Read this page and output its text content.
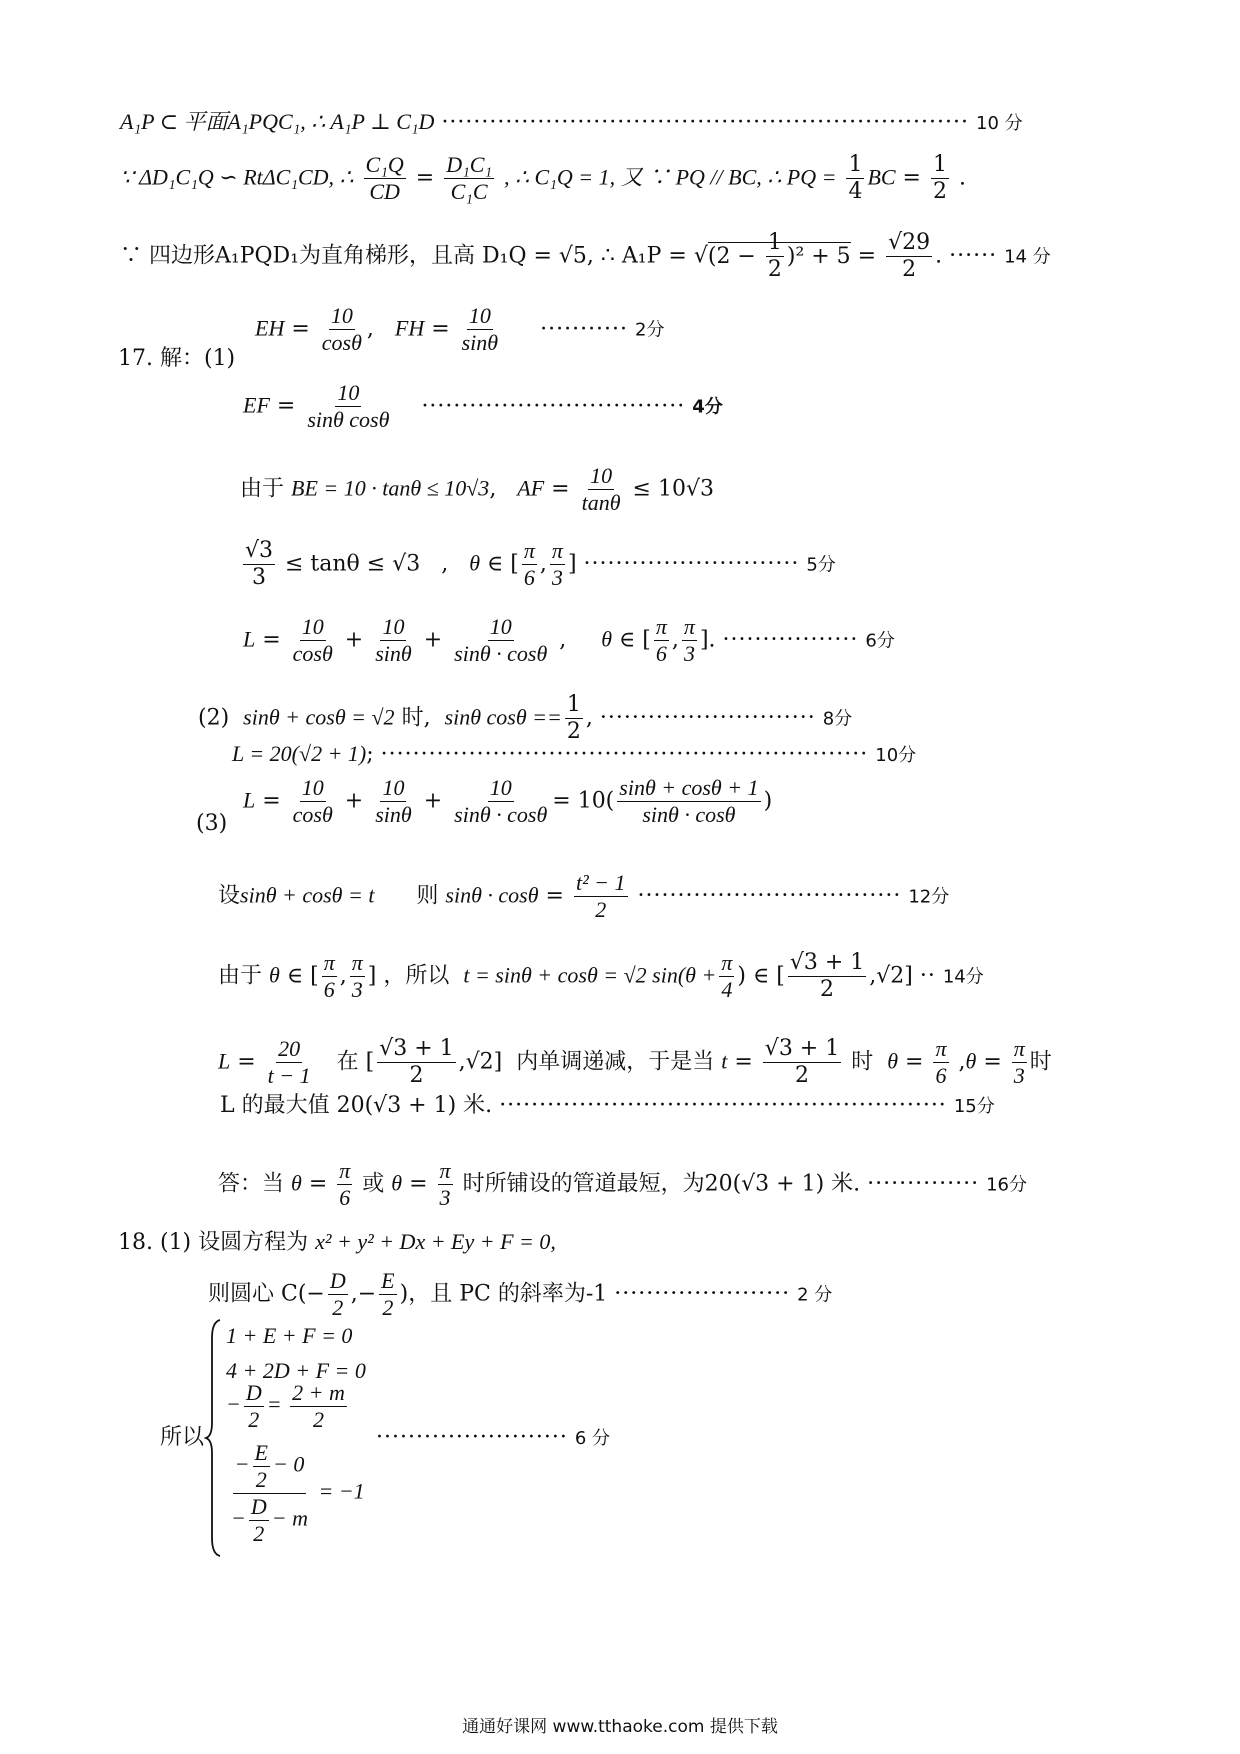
A₁P ⊂ 平面A₁PQC₁, ∴ A₁P ⊥ C₁D ·································································· 10 分
∵ ΔD₁C₁Q ∽ RtΔC₁CD, ∴ $\frac{\text{C₁Q}}{CD} = \frac{\text{D₁C₁}}{\text{C₁C}}$ , ∴ C₁Q = 1, 又 ∵ PQ // BC, ∴ PQ = $\frac{1}{4}$ BC = $\frac{1}{2}$ .
∵ 四边形A₁PQD₁为直角梯形，且高 D₁Q = √5, ∴ $A_1P = √(2 - \frac{1}{2} )^2 + 5 = \frac{√29}{2}$ . ······ 14 分
17. 解：(1)
EH = $\frac{10}{\cos\theta}$ ,   FH = $\frac{10}{\sin\theta}$ ··········· 2分
EF = $\frac{10}{\text{sinθ cosθ}}$ ································· 4分
由于 BE = 10 · tanθ ≤ 10√3,   AF = $\frac{10}{\tan\theta} \le 10√3$
$\frac{√3}{3} \le \tan\theta \le √3$   ,   θ ∈ [ $\frac{\pi}{6}$ , $\frac{\pi}{3}$ ] ··························· 5分
$L = \frac{10}{\cos\theta} + \frac{10}{\sin\theta} + \frac{10}{\sin\theta \cdot \cos\theta}$ ,     θ ∈ [ $\frac{\pi}{6}$ , $\frac{\pi}{3}$ ]. ················· 6分
(2) sinθ + cosθ = √2 时, sinθ $\cos\theta == \frac{1}{2}$ , ··························· 8分
L = 20(√2 + 1); ····························································· 10分
(3)
$L = \frac{10}{\cos\theta} + \frac{10}{\sin\theta} + \frac{10}{\sin\theta \cdot \cos\theta} = 10( \frac{\sin\theta + \cos\theta + 1}{\sin\theta \cdot \cos\theta}$ )
设sinθ + cosθ = t 则 $\sin\theta \cdot \cos\theta = \frac{\text{t² − 1}}{2}$ ································· 12分
由于 θ ∈ [ $\frac{\pi}{6}$ , $\frac{\pi}{3}$ ] ，所以 t = sinθ + cosθ = √2 $\sin(\theta + \frac{\pi}{4}$ ) ∈ [ $\frac{√3 + 1}{2} ,√2] \cdot\cdot 14$分
$L = \frac{20}{t - 1}$ 在 [ $\frac{√3 + 1}{2} ,√2$]  内单调递减，于是当 $t = \frac{√3 + 1}{2}$ 时 $\theta = \frac{\pi}{6} ,\theta = \frac{\pi}{3}$ 时
L 的最大值 20(√3 + 1) 米. ························································ 15分
答：当 $\theta = \frac{\pi}{6}$ 或 $\theta = \frac{\pi}{3}$ 时所铺设的管道最短，为20(√3 + 1) 米. ·············· 16分
18. (1) 设圆方程为 x² + y² + Dx + Ey + F = 0,
则圆心 $C(- \frac{D}{2}$ ,− $\frac{E}{2}$ )，且 PC 的斜率为-1 ······················ 2 分
所以
1 + E + F = 0
4 + 2D + F = 0
− $\frac{D}{2} = \frac{2 + m}{2}$
$\frac{- \frac{E}{2} - 0}{- \frac{D}{2} - m} = -1$
························ 6 分
通通好课网 www.tthaoke.com 提供下载
